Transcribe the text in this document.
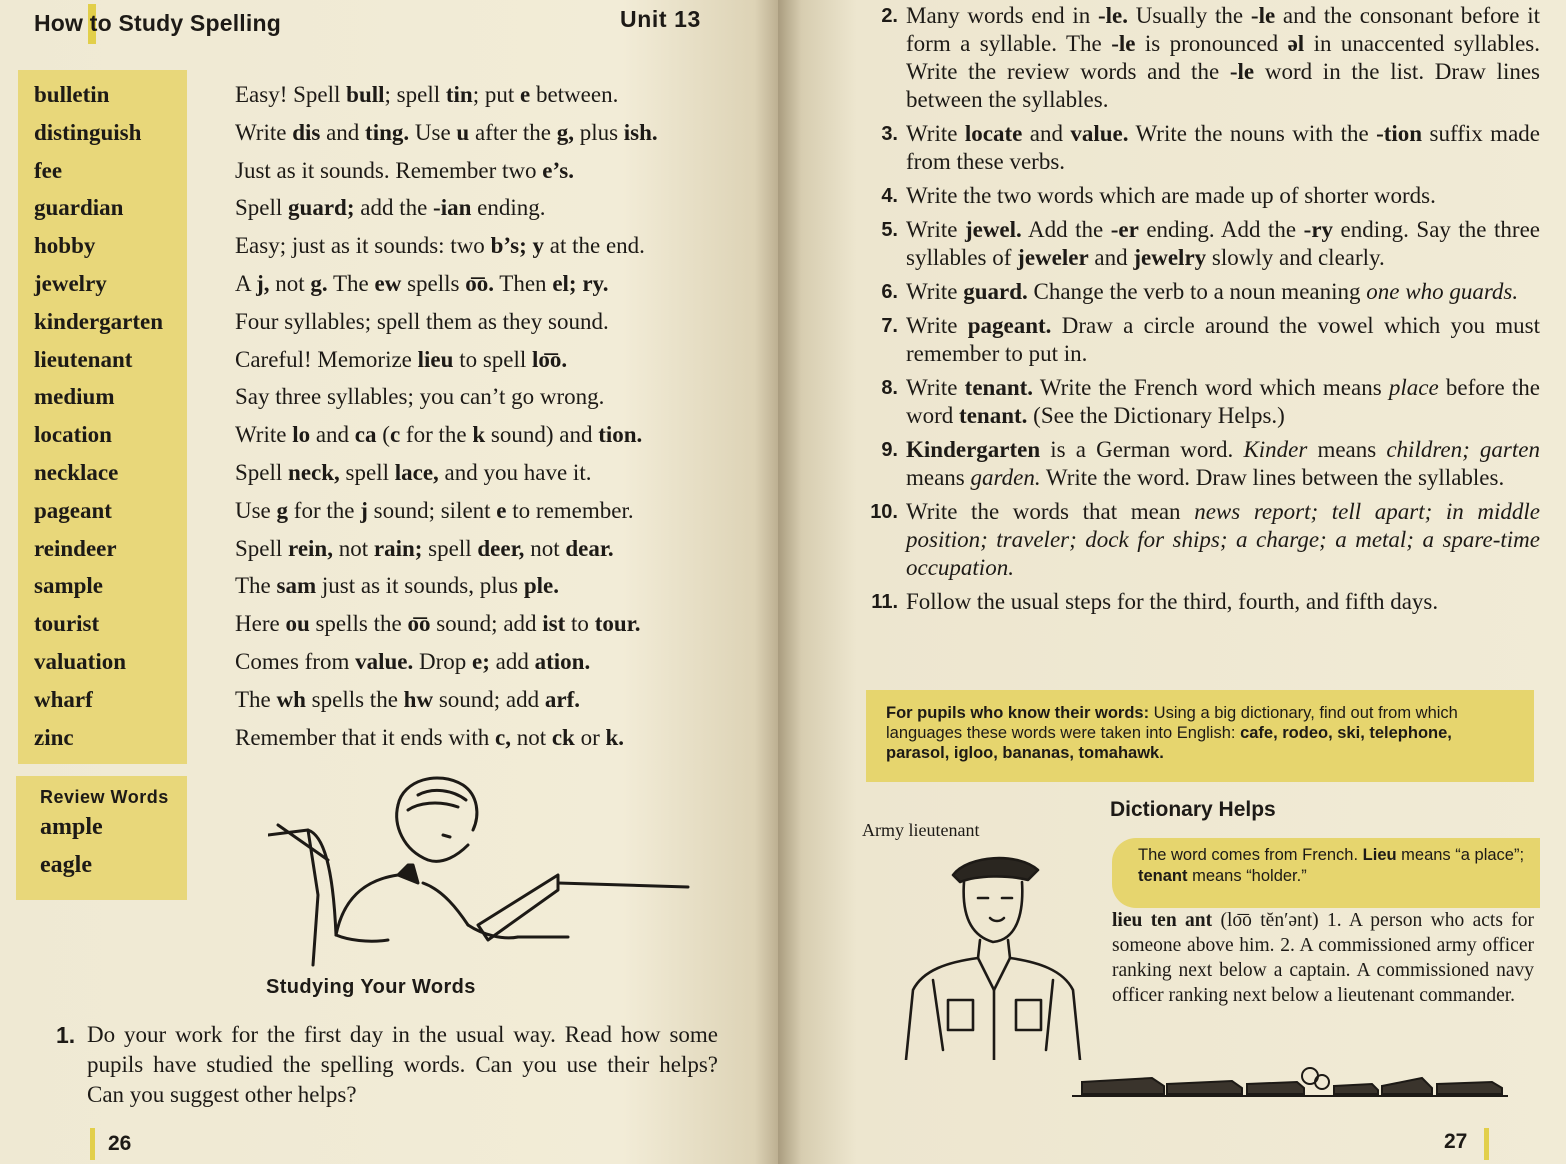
How to Study Spelling	Unit 13
bulletin
distinguish
fee
guardian
hobby
jewelry
kindergarten
lieutenant
medium
location
necklace
pageant
reindeer
sample
tourist
valuation
wharf
zinc
Easy! Spell bull; spell tin; put e between.
Write dis and ting. Use u after the g, plus ish.
Just as it sounds. Remember two e’s.
Spell guard; add the -ian ending.
Easy; just as it sounds: two b’s; y at the end.
A j, not g. The ew spells o͞o. Then el; ry.
Four syllables; spell them as they sound.
Careful! Memorize lieu to spell lo͞o.
Say three syllables; you can’t go wrong.
Write lo and ca (c for the k sound) and tion.
Spell neck, spell lace, and you have it.
Use g for the j sound; silent e to remember.
Spell rein, not rain; spell deer, not dear.
The sam just as it sounds, plus ple.
Here ou spells the o͞o sound; add ist to tour.
Comes from value. Drop e; add ation.
The wh spells the hw sound; add arf.
Remember that it ends with c, not ck or k.
Review Words
ample
eagle
Studying Your Words
1. Do your work for the first day in the usual way. Read how some pupils have studied the spelling words. Can you use their helps? Can you suggest other helps?
26
2. Many words end in -le. Usually the -le and the consonant before it form a syllable. The -le is pronounced əl in unaccented syllables. Write the review words and the -le word in the list. Draw lines between the syllables.
3. Write locate and value. Write the nouns with the -tion suffix made from these verbs.
4. Write the two words which are made up of shorter words.
5. Write jewel. Add the -er ending. Add the -ry ending. Say the three syllables of jeweler and jewelry slowly and clearly.
6. Write guard. Change the verb to a noun meaning one who guards.
7. Write pageant. Draw a circle around the vowel which you must remember to put in.
8. Write tenant. Write the French word which means place before the word tenant. (See the Dictionary Helps.)
9. Kindergarten is a German word. Kinder means children; garten means garden. Write the word. Draw lines between the syllables.
10. Write the words that mean news report; tell apart; in middle position; traveler; dock for ships; a charge; a metal; a spare-time occupation.
11. Follow the usual steps for the third, fourth, and fifth days.
For pupils who know their words: Using a big dictionary, find out from which languages these words were taken into English: cafe, rodeo, ski, telephone, parasol, igloo, bananas, tomahawk.
Dictionary Helps
Army lieutenant
The word comes from French. Lieu means “a place”; tenant means “holder.”
lieu ten ant (lo͞o tĕn′ənt) 1. A person who acts for someone above him. 2. A commissioned army officer ranking next below a captain. A commissioned navy officer ranking next below a lieutenant commander.
27
